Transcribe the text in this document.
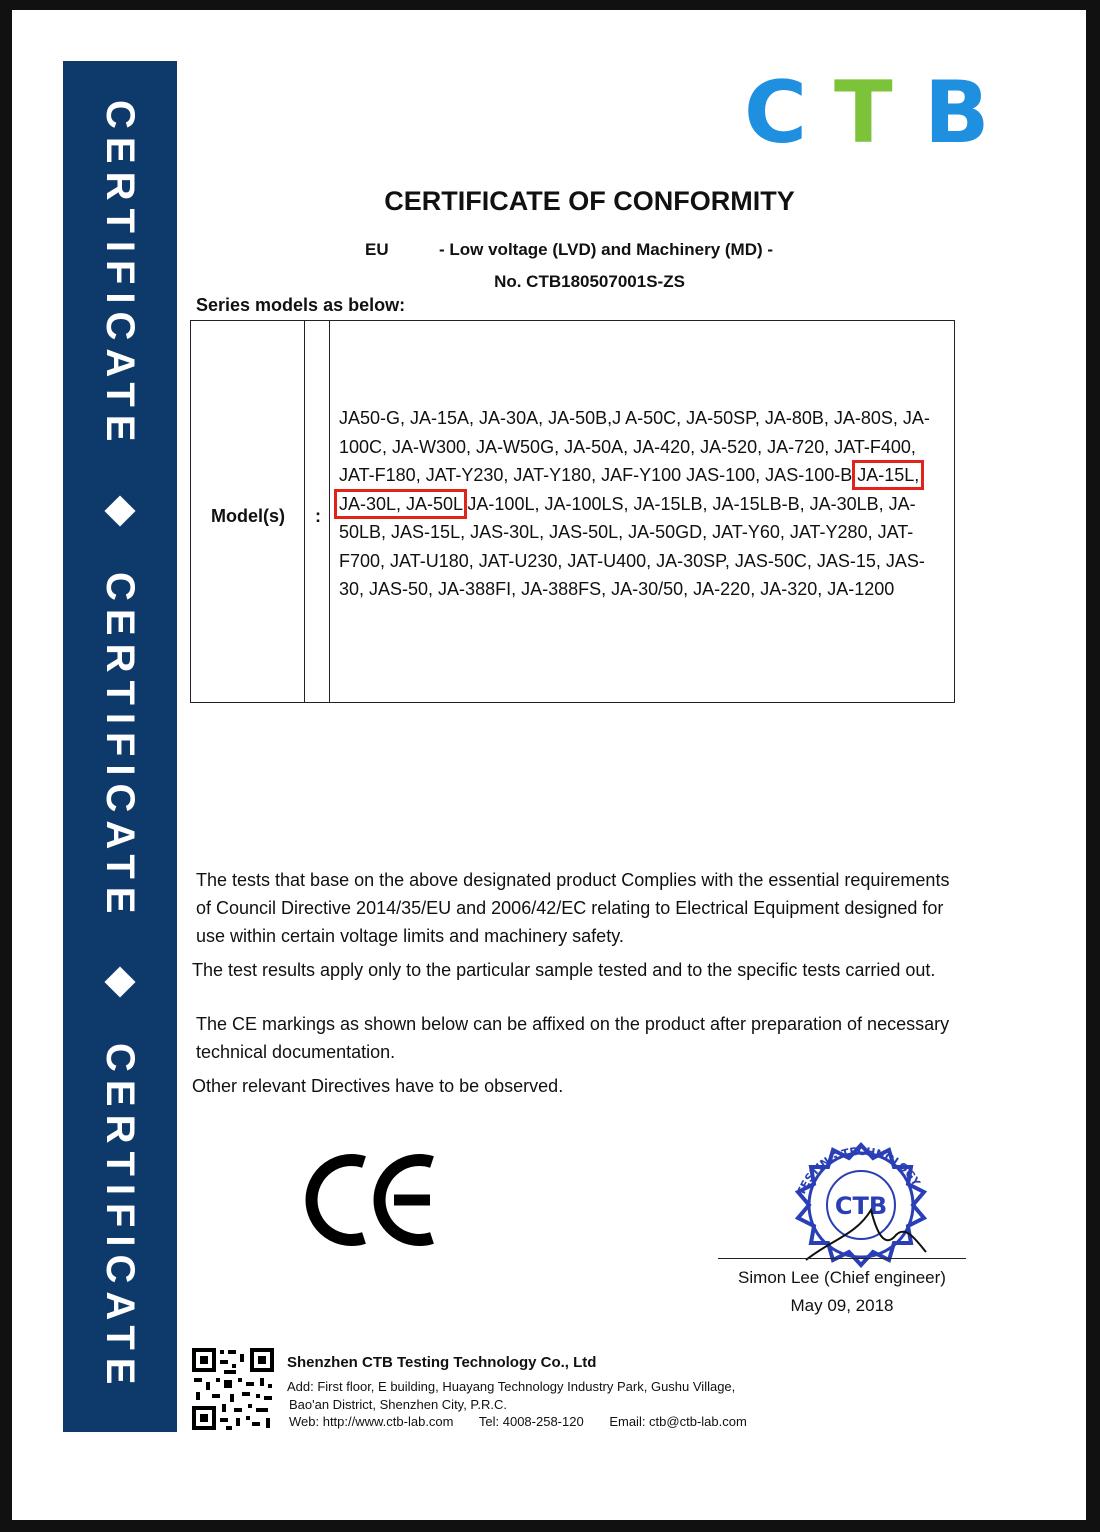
CERTIFICATE
CERTIFICATE
CERTIFICATE
C T B
CERTIFICATE OF CONFORMITY
EU	- Low voltage (LVD) and Machinery (MD) -
No. CTB180507001S-ZS
Series models as below:
Model(s) :
JA50-G, JA-15A, JA-30A, JA-50B,J A-50C, JA-50SP, JA-80B, JA-80S, JA-100C, JA-W300, JA-W50G, JA-50A, JA-420, JA-520, JA-720, JAT-F400, JAT-F180, JAT-Y230, JAT-Y180, JAF-Y100 JAS-100, JAS-100-B JA-15L, JA-30L, JA-50L JA-100L, JA-100LS, JA-15LB, JA-15LB-B, JA-30LB, JA-50LB, JAS-15L, JAS-30L, JAS-50L, JA-50GD, JAT-Y60, JAT-Y280, JAT-F700, JAT-U180, JAT-U230, JAT-U400, JA-30SP, JAS-50C, JAS-15, JAS-30, JAS-50, JA-388FI, JA-388FS, JA-30/50, JA-220, JA-320, JA-1200
The tests that base on the above designated product Complies with the essential requirements of Council Directive 2014/35/EU and 2006/42/EC relating to Electrical Equipment designed for use within certain voltage limits and machinery safety.
The test results apply only to the particular sample tested and to the specific tests carried out.
The CE markings as shown below can be affixed on the product after preparation of necessary technical documentation.
Other relevant Directives have to be observed.
TESTING TECHNOLOGY
CTB
Simon Lee (Chief engineer)
May 09, 2018
Shenzhen CTB Testing Technology Co., Ltd
Add: First floor, E building, Huayang Technology Industry Park, Gushu Village,
Bao'an District, Shenzhen City, P.R.C.
Web: http://www.ctb-lab.com Tel: 4008-258-120 Email: ctb@ctb-lab.com
